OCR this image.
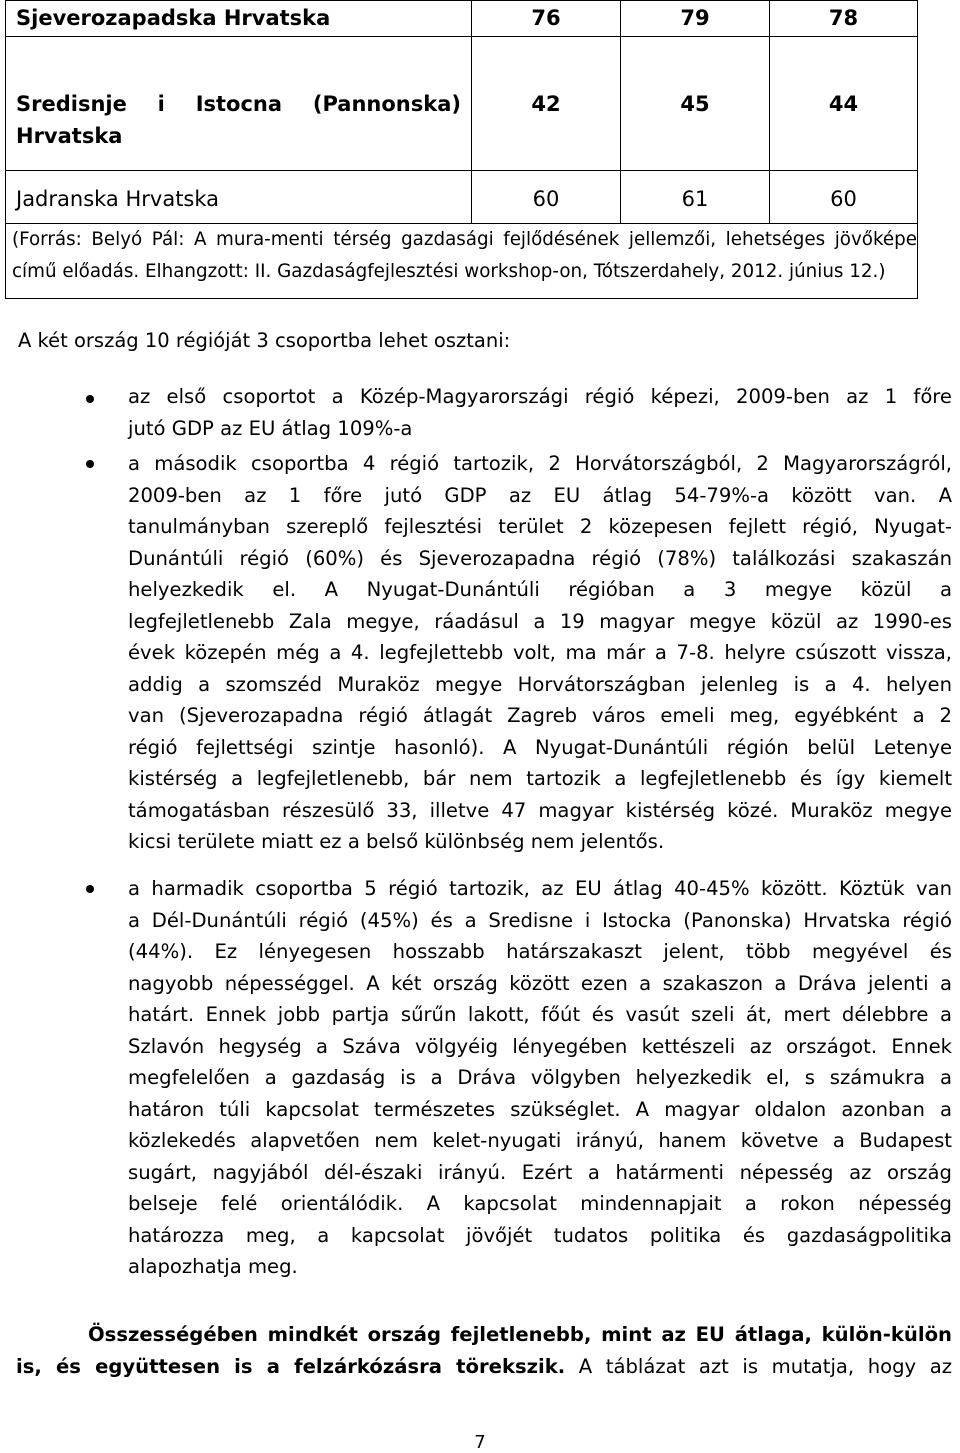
Sjeverozapadska Hrvatska	76	79	78

Sredisnje i Istocna (Pannonska)
Hrvatska	42	45	44
Jadranska Hrvatska	60	61	60

(Forrás: Belyó Pál: A mura-menti térség gazdasági fejlődésének jellemzői, lehetséges jövőképe
című előadás. Elhangzott: II. Gazdaságfejlesztési workshop-on, Tótszerdahely, 2012. június 12.)			
A két ország 10 régióját 3 csoportba lehet osztani:
az első csoportot a Közép-Magyarországi régió képezi, 2009-ben az 1 főre
jutó GDP az EU átlag 109%-a
a második csoportba 4 régió tartozik, 2 Horvátországból, 2 Magyarországról,
2009-ben az 1 főre jutó GDP az EU átlag 54-79%-a között van. A
tanulmányban szereplő fejlesztési terület 2 közepesen fejlett régió, Nyugat-
Dunántúli régió (60%) és Sjeverozapadna régió (78%) találkozási szakaszán
helyezkedik el. A Nyugat-Dunántúli régióban a 3 megye közül a
legfejletlenebb Zala megye, ráadásul a 19 magyar megye közül az 1990-es
évek közepén még a 4. legfejlettebb volt, ma már a 7-8. helyre csúszott vissza,
addig a szomszéd Muraköz megye Horvátországban jelenleg is a 4. helyen
van (Sjeverozapadna régió átlagát Zagreb város emeli meg, egyébként a 2
régió fejlettségi szintje hasonló). A Nyugat-Dunántúli régión belül Letenye
kistérség a legfejletlenebb, bár nem tartozik a legfejletlenebb és így kiemelt
támogatásban részesülő 33, illetve 47 magyar kistérség közé. Muraköz megye
kicsi területe miatt ez a belső különbség nem jelentős.
a harmadik csoportba 5 régió tartozik, az EU átlag 40-45% között. Köztük van
a Dél-Dunántúli régió (45%) és a Sredisne i Istocka (Panonska) Hrvatska régió
(44%). Ez lényegesen hosszabb határszakaszt jelent, több megyével és
nagyobb népességgel. A két ország között ezen a szakaszon a Dráva jelenti a
határt. Ennek jobb partja sűrűn lakott, főút és vasút szeli át, mert délebbre a
Szlavón hegység a Száva völgyéig lényegében kettészeli az országot. Ennek
megfelelően a gazdaság is a Dráva völgyben helyezkedik el, s számukra a
határon túli kapcsolat természetes szükséglet. A magyar oldalon azonban a
közlekedés alapvetően nem kelet-nyugati irányú, hanem követve a Budapest
sugárt, nagyjából dél-északi irányú. Ezért a határmenti népesség az ország
belseje felé orientálódik. A kapcsolat mindennapjait a rokon népesség
határozza meg, a kapcsolat jövőjét tudatos politika és gazdaságpolitika
alapozhatja meg.
Összességében mindkét ország fejletlenebb, mint az EU átlaga, külön-külön
is, és együttesen is a felzárkózásra törekszik. A táblázat azt is mutatja, hogy az
7
